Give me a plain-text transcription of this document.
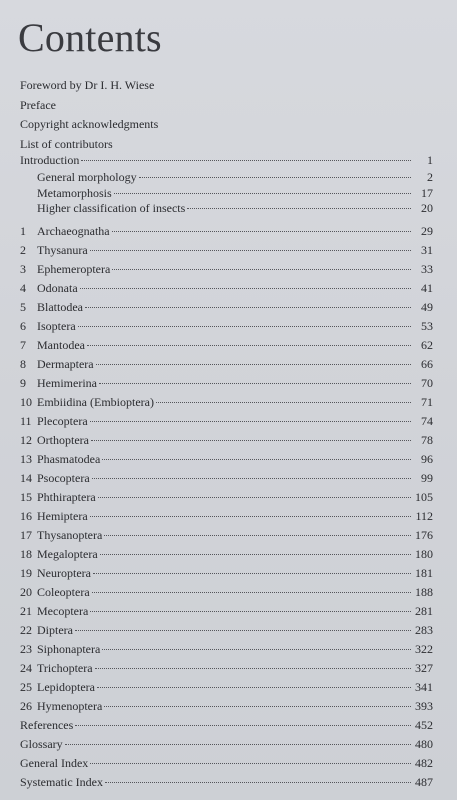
Contents
Foreword by Dr I. H. Wiese
Preface
Copyright acknowledgments
List of contributors
Introduction	1
General morphology	2
Metamorphosis	17
Higher classification of insects	20
1 Archaeognatha	29
2 Thysanura	31
3 Ephemeroptera	33
4 Odonata	41
5 Blattodea	49
6 Isoptera	53
7 Mantodea	62
8 Dermaptera	66
9 Hemimerina	70
10 Embiidina (Embioptera)	71
11 Plecoptera	74
12 Orthoptera	78
13 Phasmatodea	96
14 Psocoptera	99
15 Phthiraptera	105
16 Hemiptera	112
17 Thysanoptera	176
18 Megaloptera	180
19 Neuroptera	181
20 Coleoptera	188
21 Mecoptera	281
22 Diptera	283
23 Siphonaptera	322
24 Trichoptera	327
25 Lepidoptera	341
26 Hymenoptera	393
References	452
Glossary	480
General Index	482
Systematic Index	487
